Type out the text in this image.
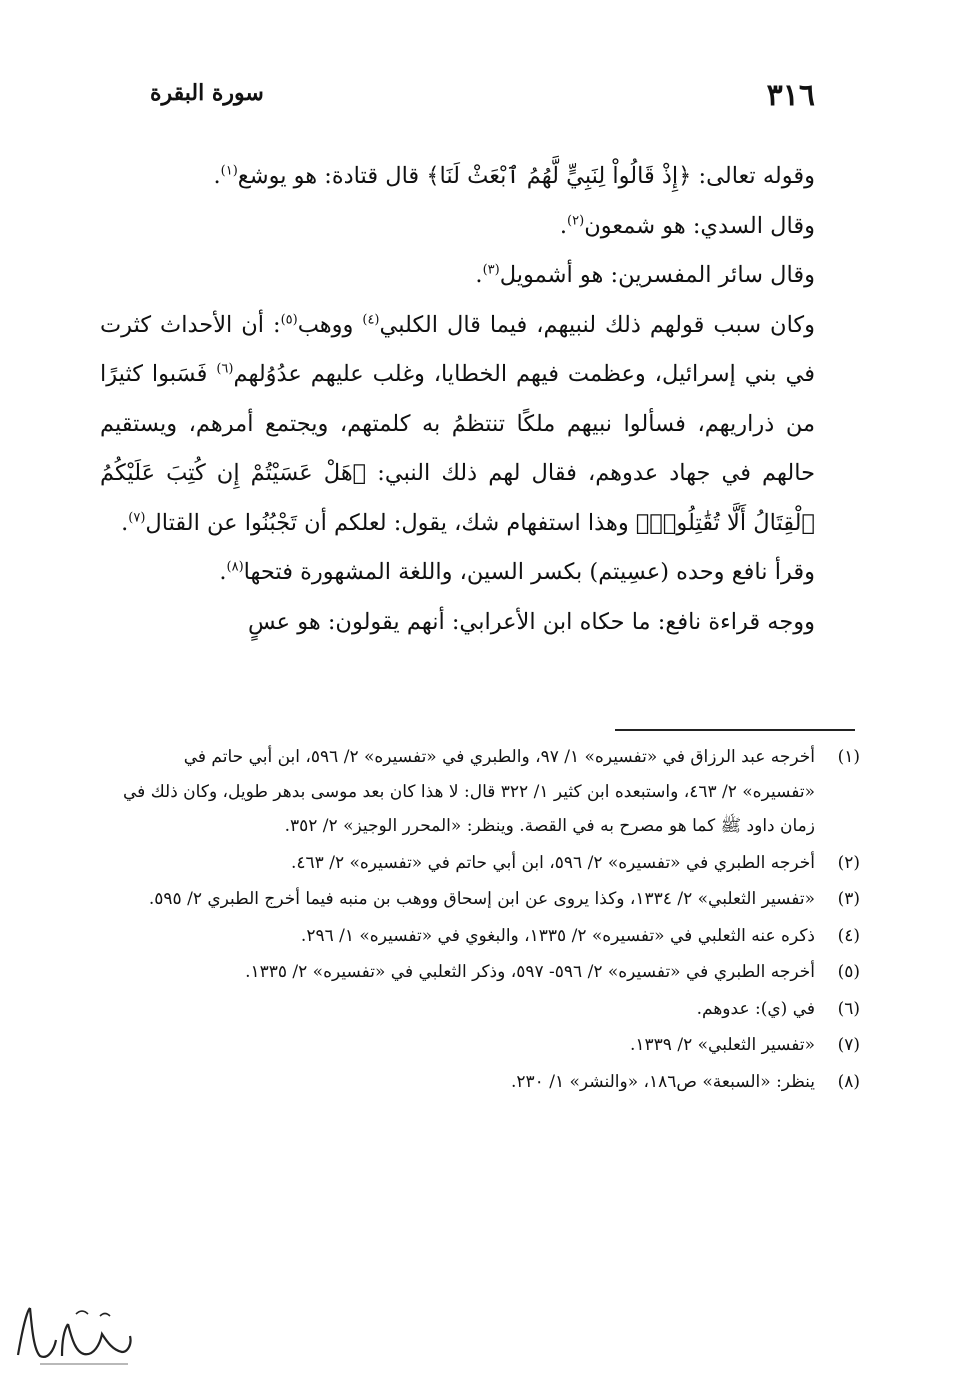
٣١٦
سورة البقرة

وقوله تعالى: ﴿إِذْ قَالُواْ لِنَبِيٍّ لَّهُمُ ٱبْعَثْ لَنَا﴾ قال قتادة: هو يوشع$^{(١)}$.

وقال السدي: هو شمعون$^{(٢)}$.

وقال سائر المفسرين: هو أشمويل$^{(٣)}$.

وكان سبب قولهم ذلك لنبيهم، فيما قال الكلبي$^{(٤)}$ ووهب$^{(٥)}$: أن الأحداث كثرت في بني إسرائيل، وعظمت فيهم الخطايا، وغلب عليهم عدُوُلهم$^{(٦)}$ فَسَبوا كثيرًا من ذراريهم، فسألوا نبيهم ملكًا تنتظمُ به كلمتهم، ويجتمع أمرهم، ويستقيم حالهم في جهاد عدوهم، فقال لهم ذلك النبي: ﴿هَلْ عَسَيْتُمْ إِن كُتِبَ عَلَيْكُمُ ٱلْقِتَالُ أَلَّا تُقَٰتِلُوا۟﴾ وهذا استفهام شك، يقول: لعلكم أن تَجْبُنُوا عن القتال$^{(٧)}$.

وقرأ نافع وحده (عسِيتم) بكسر السين، واللغة المشهورة فتحها$^{(٨)}$.

ووجه قراءة نافع: ما حكاه ابن الأعرابي: أنهم يقولون: هو عسٍ

(١)
أخرجه عبد الرزاق في «تفسيره» ١/ ٩٧، والطبري في «تفسيره» ٢/ ٥٩٦، ابن أبي حاتم في «تفسيره» ٢/ ٤٦٣، واستبعده ابن كثير ١/ ٣٢٢ قال: لا هذا كان بعد موسى بدهر طويل، وكان ذلك في زمان داود ﷺ كما هو مصرح به في القصة. وينظر: «المحرر الوجيز» ٢/ ٣٥٢.
(٢)
أخرجه الطبري في «تفسيره» ٢/ ٥٩٦، ابن أبي حاتم في «تفسيره» ٢/ ٤٦٣.
(٣)
«تفسير الثعلبي» ٢/ ١٣٣٤، وكذا يروى عن ابن إسحاق ووهب بن منبه فيما أخرج الطبري ٢/ ٥٩٥.
(٤)
ذكره عنه الثعلبي في «تفسيره» ٢/ ١٣٣٥، والبغوي في «تفسيره» ١/ ٢٩٦.
(٥)
أخرجه الطبري في «تفسيره» ٢/ ٥٩٦- ٥٩٧، وذكر الثعلبي في «تفسيره» ٢/ ١٣٣٥.
(٦)
في (ي): عدوهم.
(٧)
«تفسير الثعلبي» ٢/ ١٣٣٩.
(٨)
ينظر: «السبعة» ص١٨٦، «والنشر» ١/ ٢٣٠.
